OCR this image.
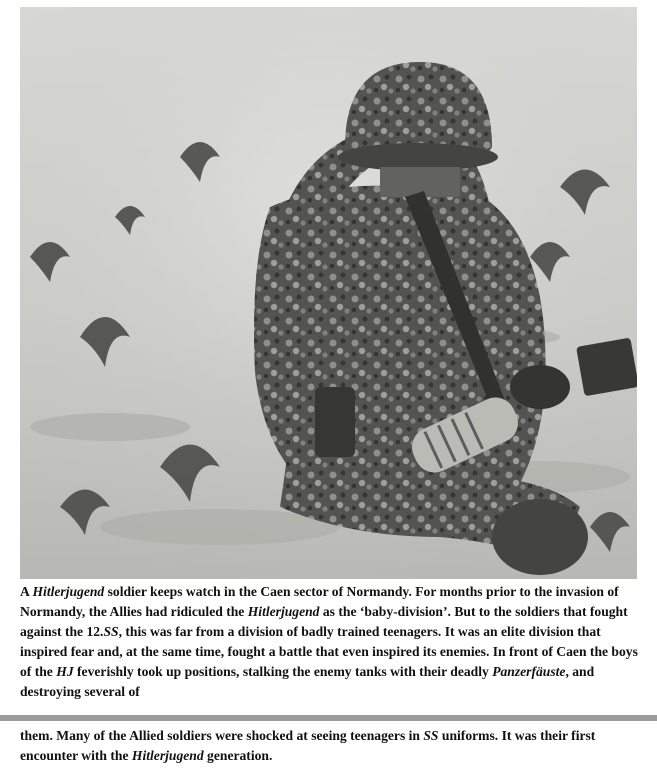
A Hitlerjugend soldier keeps watch in the Caen sector of Normandy. For months prior to the invasion of Normandy, the Allies had ridiculed the Hitlerjugend as the ‘baby-division’. But to the soldiers that fought against the 12.SS, this was far from a division of badly trained teenagers. It was an elite division that inspired fear and, at the same time, fought a battle that even inspired its enemies. In front of Caen the boys of the HJ feverishly took up positions, stalking the enemy tanks with their deadly Panzerfäuste, and destroying several of

them. Many of the Allied soldiers were shocked at seeing teenagers in SS uniforms. It was their first encounter with the Hitlerjugend generation.
